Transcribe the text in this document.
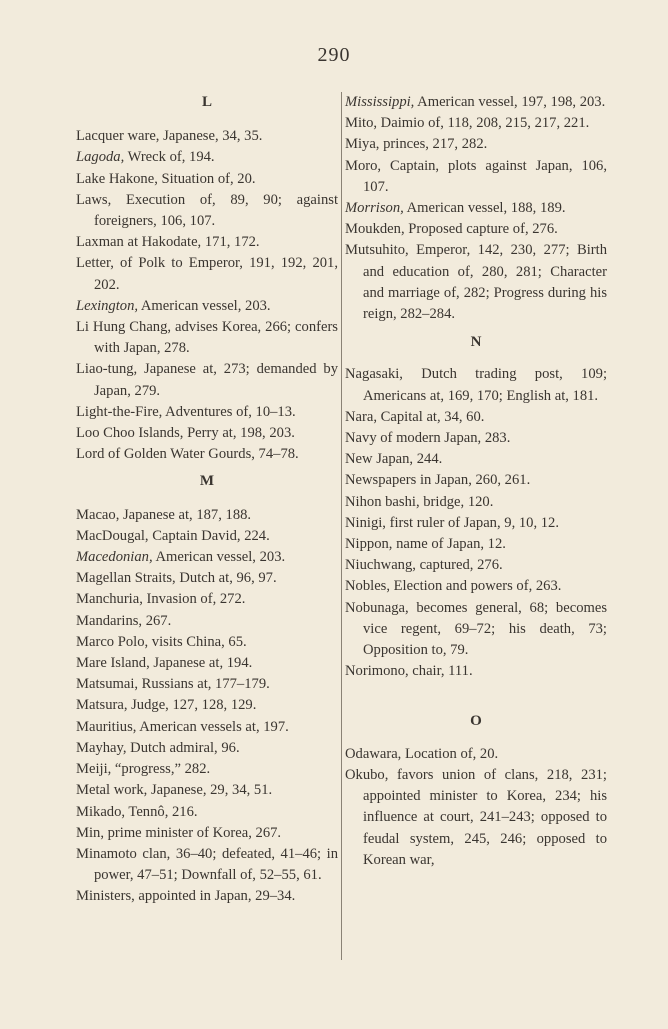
290
L
Lacquer ware, Japanese, 34, 35.
Lagoda, Wreck of, 194.
Lake Hakone, Situation of, 20.
Laws, Execution of, 89, 90; against foreigners, 106, 107.
Laxman at Hakodate, 171, 172.
Letter, of Polk to Emperor, 191, 192, 201, 202.
Lexington, American vessel, 203.
Li Hung Chang, advises Korea, 266; confers with Japan, 278.
Liao-tung, Japanese at, 273; demanded by Japan, 279.
Light-the-Fire, Adventures of, 10–13.
Loo Choo Islands, Perry at, 198, 203.
Lord of Golden Water Gourds, 74–78.
M
Macao, Japanese at, 187, 188.
MacDougal, Captain David, 224.
Macedonian, American vessel, 203.
Magellan Straits, Dutch at, 96, 97.
Manchuria, Invasion of, 272.
Mandarins, 267.
Marco Polo, visits China, 65.
Mare Island, Japanese at, 194.
Matsumai, Russians at, 177–179.
Matsura, Judge, 127, 128, 129.
Mauritius, American vessels at, 197.
Mayhay, Dutch admiral, 96.
Meiji, “progress,” 282.
Metal work, Japanese, 29, 34, 51.
Mikado, Tennô, 216.
Min, prime minister of Korea, 267.
Minamoto clan, 36–40; defeated, 41–46; in power, 47–51; Downfall of, 52–55, 61.
Ministers, appointed in Japan, 29–34.
Mississippi, American vessel, 197, 198, 203.
Mito, Daimio of, 118, 208, 215, 217, 221.
Miya, princes, 217, 282.
Moro, Captain, plots against Japan, 106, 107.
Morrison, American vessel, 188, 189.
Moukden, Proposed capture of, 276.
Mutsuhito, Emperor, 142, 230, 277; Birth and education of, 280, 281; Character and marriage of, 282; Progress during his reign, 282–284.
N
Nagasaki, Dutch trading post, 109; Americans at, 169, 170; English at, 181.
Nara, Capital at, 34, 60.
Navy of modern Japan, 283.
New Japan, 244.
Newspapers in Japan, 260, 261.
Nihon bashi, bridge, 120.
Ninigi, first ruler of Japan, 9, 10, 12.
Nippon, name of Japan, 12.
Niuchwang, captured, 276.
Nobles, Election and powers of, 263.
Nobunaga, becomes general, 68; becomes vice regent, 69–72; his death, 73; Opposition to, 79.
Norimono, chair, 111.
O
Odawara, Location of, 20.
Okubo, favors union of clans, 218, 231; appointed minister to Korea, 234; his influence at court, 241–243; opposed to feudal system, 245, 246; opposed to Korean war,
